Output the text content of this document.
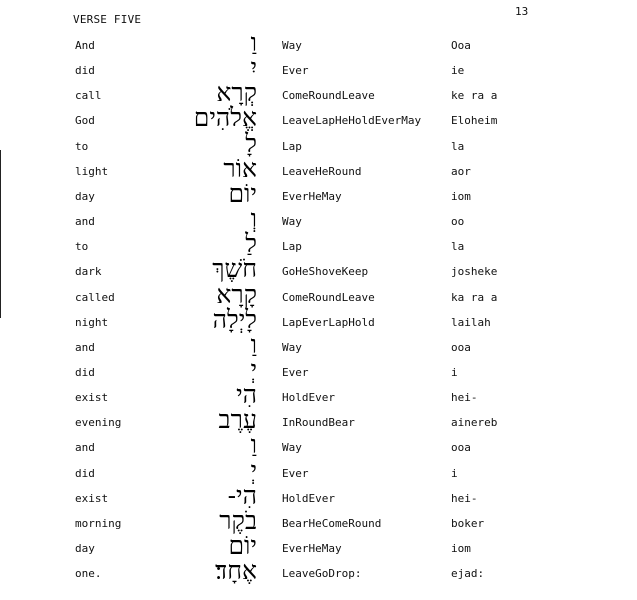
13
VERSE FIVE
And	וַ Way	Ooa
did	יִ Ever	ie
call	קְרָא ComeRoundLeave	ke ra a
God	אֱלֹהִים LeaveLapHeHoldEverMay	Eloheim
to	לָ Lap	la
light	אוֹר LeaveHeRound	aor
day	יוֹם EverHeMay	iom
and	וְ Way	oo
to	לַ Lap	la
dark	חֹשֶׁךְ GoHeShoveKeep	josheke
called	קָרָא ComeRoundLeave	ka ra a
night	לָיְלָה LapEverLapHold	lailah
and	וַ Way	ooa
did	יְ Ever	i
exist	הִי HoldEver	hei-
evening	עֶרֶב InRoundBear	ainereb
and	וַ Way	ooa
did	יְ Ever	i
exist	הִי- HoldEver	hei-
morning	בֹקֶר BearHeComeRound	boker
day	יוֹם EverHeMay	iom
one.	אֶחָד׃ LeaveGoDrop:	ejad:
